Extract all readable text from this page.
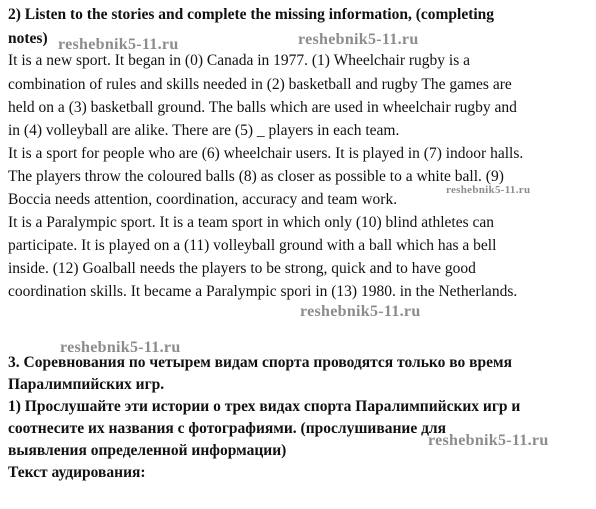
2) Listen to the stories and complete the missing information, (completing
notes)
It is a new sport. It began in (0) Canada in 1977. (1) Wheelchair rugby is a
combination of rules and skills needed in (2) basketball and rugby The games are
held on a (3) basketball ground. The balls which are used in wheelchair rugby and
in (4) volleyball are alike. There are (5) _ players in each team.
It is a sport for people who are (6) wheelchair users. It is played in (7) indoor halls.
The players throw the coloured balls (8) as closer as possible to a white ball. (9)
Boccia needs attention, coordination, accuracy and team work.
It is a Paralympic sport. It is a team sport in which only (10) blind athletes can
participate. It is played on a (11) volleyball ground with a ball which has a bell
inside. (12) Goalball needs the players to be strong, quick and to have good
coordination skills. It became a Paralympic spori in (13) 1980. in the Netherlands.
3. Соревнования по четырем видам спорта проводятся только во время
Паралимпийских игр.
1) Прослушайте эти истории о трех видах спорта Паралимпийских игр и
соотнесите их названия с фотографиями. (прослушивание для
выявления определенной информации)
Текст аудирования:
reshebnik5-11.ru	reshebnik5-11.ru
reshebnik5-11.ru
reshebnik5-11.ru
reshebnik5-11.ru
reshebnik5-11.ru
